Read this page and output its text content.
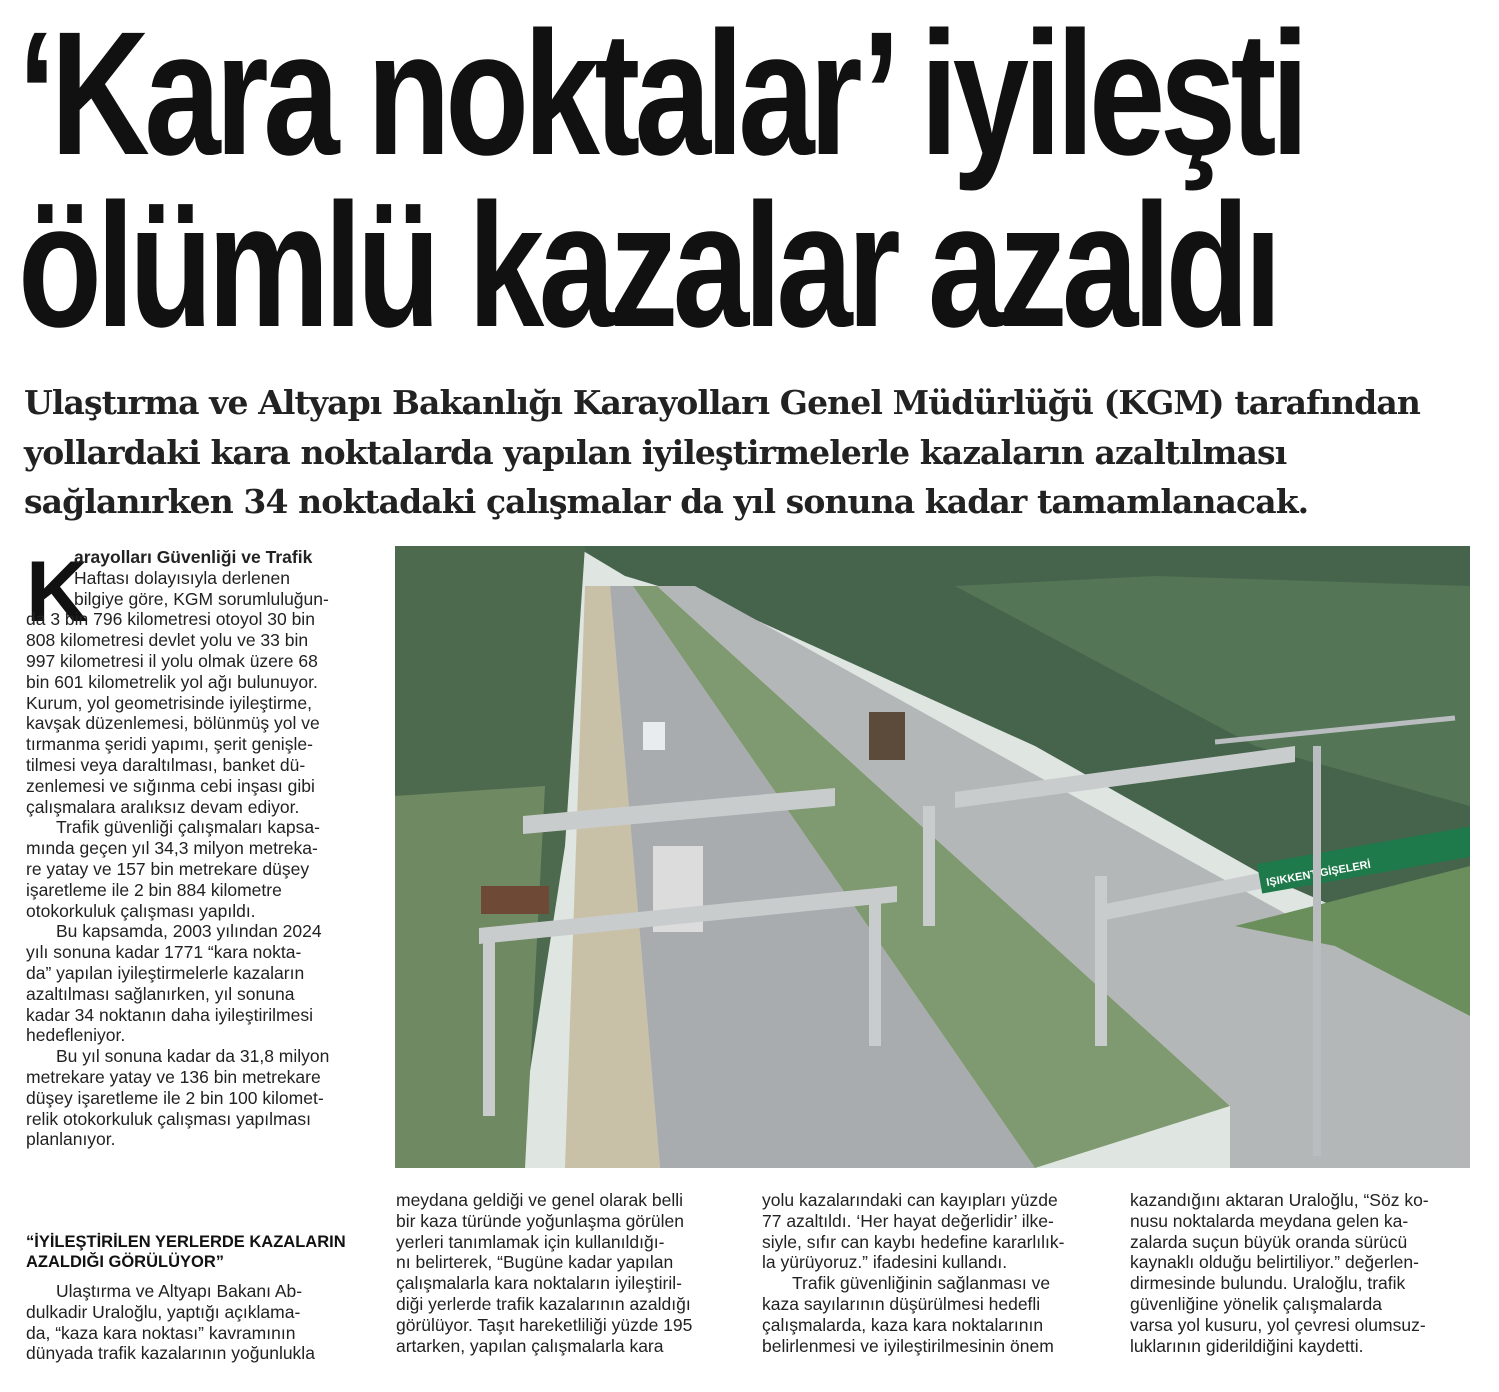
‘Kara noktalar’ iyileşti
ölümlü kazalar azaldı
Ulaştırma ve Altyapı Bakanlığı Karayolları Genel Müdürlüğü (KGM) tarafından
yollardaki kara noktalarda yapılan iyileştirmelerle kazaların azaltılması
sağlanırken 34 noktadaki çalışmalar da yıl sonuna kadar tamamlanacak.
K
arayolları Güvenliği ve Trafik
Haftası dolayısıyla derlenen
bilgiye göre, KGM sorumluluğun-
da 3 bin 796 kilometresi otoyol 30 bin
808 kilometresi devlet yolu ve 33 bin
997 kilometresi il yolu olmak üzere 68
bin 601 kilometrelik yol ağı bulunuyor.
Kurum, yol geometrisinde iyileştirme,
kavşak düzenlemesi, bölünmüş yol ve
tırmanma şeridi yapımı, şerit genişle-
tilmesi veya daraltılması, banket dü-
zenlemesi ve sığınma cebi inşası gibi
çalışmalara aralıksız devam ediyor.
Trafik güvenliği çalışmaları kapsa-
mında geçen yıl 34,3 milyon metreka-
re yatay ve 157 bin metrekare düşey
işaretleme ile 2 bin 884 kilometre
otokorkuluk çalışması yapıldı.
Bu kapsamda, 2003 yılından 2024
yılı sonuna kadar 1771 “kara nokta-
da” yapılan iyileştirmelerle kazaların
azaltılması sağlanırken, yıl sonuna
kadar 34 noktanın daha iyileştirilmesi
hedefleniyor.
Bu yıl sonuna kadar da 31,8 milyon
metrekare yatay ve 136 bin metrekare
düşey işaretleme ile 2 bin 100 kilomet-
relik otokorkuluk çalışması yapılması
planlanıyor.
“İYİLEŞTİRİLEN YERLERDE KAZALARIN
AZALDIĞI GÖRÜLÜYOR”
Ulaştırma ve Altyapı Bakanı Ab-
dulkadir Uraloğlu, yaptığı açıklama-
da, “kaza kara noktası” kavramının
dünyada trafik kazalarının yoğunlukla
IŞIKKENT GİŞELERİ
meydana geldiği ve genel olarak belli
bir kaza türünde yoğunlaşma görülen
yerleri tanımlamak için kullanıldığı-
nı belirterek, “Bugüne kadar yapılan
çalışmalarla kara noktaların iyileştiril-
diği yerlerde trafik kazalarının azaldığı
görülüyor. Taşıt hareketliliği yüzde 195
artarken, yapılan çalışmalarla kara
yolu kazalarındaki can kayıpları yüzde
77 azaltıldı. ‘Her hayat değerlidir’ ilke-
siyle, sıfır can kaybı hedefine kararlılık-
la yürüyoruz.” ifadesini kullandı.
Trafik güvenliğinin sağlanması ve
kaza sayılarının düşürülmesi hedefli
çalışmalarda, kaza kara noktalarının
belirlenmesi ve iyileştirilmesinin önem
kazandığını aktaran Uraloğlu, “Söz ko-
nusu noktalarda meydana gelen ka-
zalarda suçun büyük oranda sürücü
kaynaklı olduğu belirtiliyor.” değerlen-
dirmesinde bulundu. Uraloğlu, trafik
güvenliğine yönelik çalışmalarda
varsa yol kusuru, yol çevresi olumsuz-
luklarının giderildiğini kaydetti.
